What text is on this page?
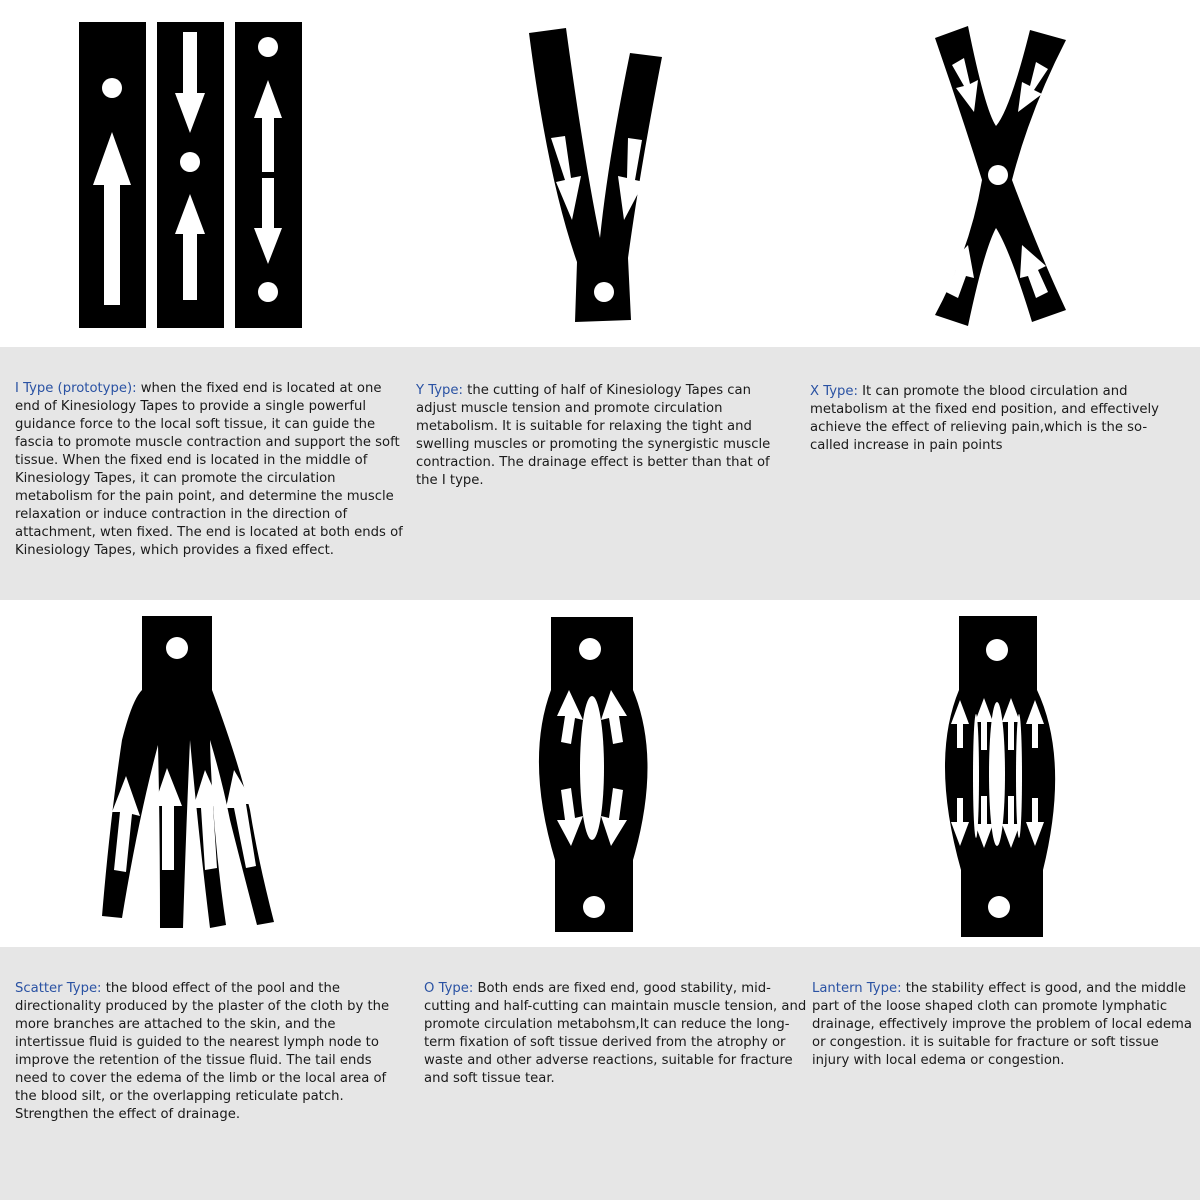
I Type (prototype): when the fixed end is located at one end of Kinesiology Tapes to provide a single powerful guidance force to the local soft tissue, it can guide the fascia to promote muscle contraction and support the soft tissue. When the fixed end is located in the middle of Kinesiology Tapes, it can promote the circulation metabolism for the pain point, and determine the muscle relaxation or induce contraction in the direction of attachment, wten fixed. The end is located at both ends of Kinesiology Tapes, which provides a fixed effect.

Y Type: the cutting of half of Kinesiology Tapes can adjust muscle tension and promote circulation metabolism. It is suitable for relaxing the tight and swelling muscles or promoting the synergistic muscle contraction. The drainage effect is better than that of the I type.

X Type: It can promote the blood circulation and metabolism at the fixed end position, and effectively achieve the effect of relieving pain,which is the so-called increase in pain points

Scatter Type: the blood effect of the pool and the directionality produced by the plaster of the cloth by the more branches are attached to the skin, and the intertissue fluid is guided to the nearest lymph node to improve the retention of the tissue fluid. The tail ends need to cover the edema of the limb or the local area of the blood silt, or the overlapping reticulate patch. Strengthen the effect of drainage.

O Type: Both ends are fixed end, good stability, mid-cutting and half-cutting can maintain muscle tension, and promote circulation metabohsm,It can reduce the long-term fixation of soft tissue derived from the atrophy or waste and other adverse reactions, suitable for fracture and soft tissue tear.

Lantern Type: the stability effect is good, and the middle part of the loose shaped cloth can promote lymphatic drainage, effectively improve the problem of local edema or congestion. it is suitable for fracture or soft tissue injury with local edema or congestion.
